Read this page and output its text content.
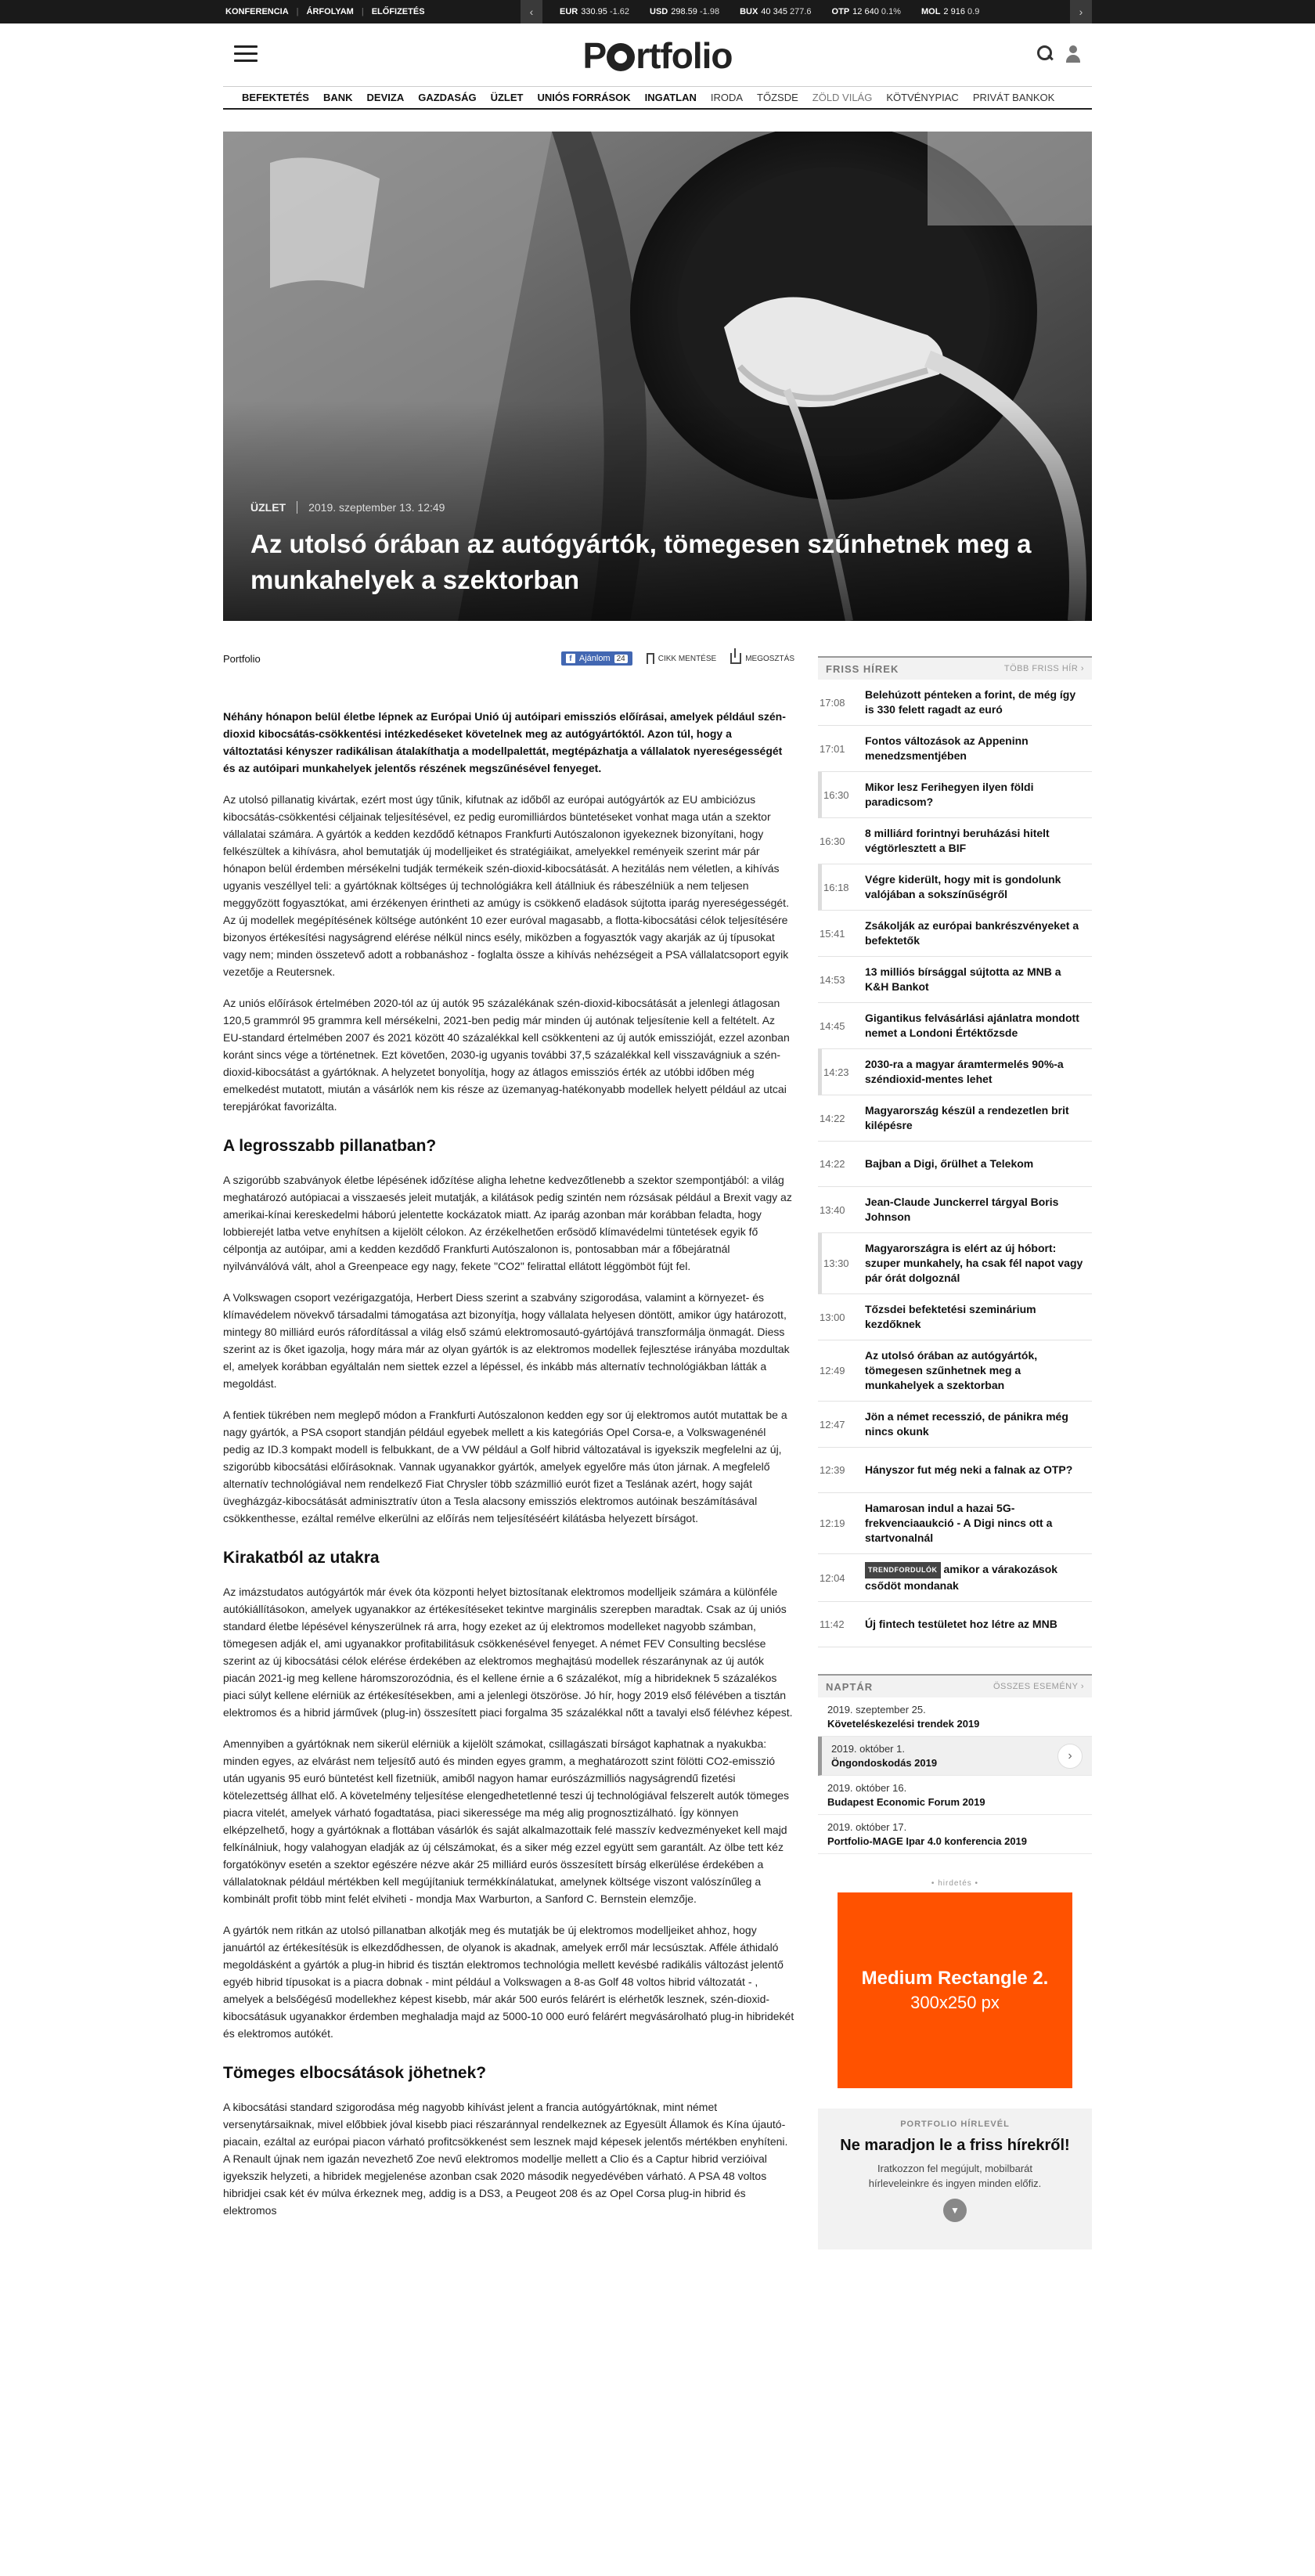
KONFERENCIA | ÁRFOLYAM | ELŐFIZETÉS	‹	EUR 330.95 -1.62 USD 298.59 -1.98 BUX 40 345 277.6 OTP 12 640 0.1% MOL 2 916 0.9	›
P rtfolio
BEFEKTETÉS BANK DEVIZA GAZDASÁG ÜZLET UNIÓS FORRÁSOK INGATLAN IRODA TŐZSDE ZÖLD VILÁG KÖTVÉNYPIAC PRIVÁT BANKOK
ÜZLET 2019. szeptember 13. 12:49
Az utolsó órában az autógyártók, tömegesen szűnhetnek meg a munkahelyek a szektorban
Portfolio	f Ajánlom 24	CIKK MENTÉSE	MEGOSZTÁS
Néhány hónapon belül életbe lépnek az Európai Unió új autóipari emissziós előírásai, amelyek például szén-dioxid kibocsátás-csökkentési intézkedéseket követelnek meg az autógyártóktól. Azon túl, hogy a változtatási kényszer radikálisan átalakíthatja a modellpalettát, megtépázhatja a vállalatok nyereségességét és az autóipari munkahelyek jelentős részének megszűnésével fenyeget.

Az utolsó pillanatig kivártak, ezért most úgy tűnik, kifutnak az időből az európai autógyártók az EU ambiciózus kibocsátás-csökkentési céljainak teljesítésével, ez pedig euromilliárdos büntetéseket vonhat maga után a szektor vállalatai számára. A gyártók a kedden kezdődő kétnapos Frankfurti Autószalonon igyekeznek bizonyítani, hogy felkészültek a kihívásra, ahol bemutatják új modelljeiket és stratégiáikat, amelyekkel reményeik szerint már pár hónapon belül érdemben mérsékelni tudják termékeik szén-dioxid-kibocsátását. A hezitálás nem véletlen, a kihívás ugyanis veszéllyel teli: a gyártóknak költséges új technológiákra kell átállniuk és rábeszélniük a nem teljesen meggyőzött fogyasztókat, ami érzékenyen érintheti az amúgy is csökkenő eladások sújtotta iparág nyereségességét. Az új modellek megépítésének költsége autónként 10 ezer euróval magasabb, a flotta-kibocsátási célok teljesítésére bizonyos értékesítési nagyságrend elérése nélkül nincs esély, miközben a fogyasztók vagy akarják az új típusokat vagy nem; minden összetevő adott a robbanáshoz - foglalta össze a kihívás nehézségeit a PSA vállalatcsoport egyik vezetője a Reutersnek.

Az uniós előírások értelmében 2020-tól az új autók 95 százalékának szén-dioxid-kibocsátását a jelenlegi átlagosan 120,5 grammról 95 grammra kell mérsékelni, 2021-ben pedig már minden új autónak teljesítenie kell a feltételt. Az EU-standard értelmében 2007 és 2021 között 40 százalékkal kell csökkenteni az új autók emisszióját, ezzel azonban koránt sincs vége a történetnek. Ezt követően, 2030-ig ugyanis további 37,5 százalékkal kell visszavágniuk a szén-dioxid-kibocsátást a gyártóknak. A helyzetet bonyolítja, hogy az átlagos emissziós érték az utóbbi időben még emelkedést mutatott, miután a vásárlók nem kis része az üzemanyag-hatékonyabb modellek helyett például az utcai terepjárókat favorizálta.

A legrosszabb pillanatban?

A szigorúbb szabványok életbe lépésének időzítése aligha lehetne kedvezőtlenebb a szektor szempontjából: a világ meghatározó autópiacai a visszaesés jeleit mutatják, a kilátások pedig szintén nem rózsásak például a Brexit vagy az amerikai-kínai kereskedelmi háború jelentette kockázatok miatt. Az iparág azonban már korábban feladta, hogy lobbierejét latba vetve enyhítsen a kijelölt célokon. Az érzékelhetően erősödő klímavédelmi tüntetések egyik fő célpontja az autóipar, ami a kedden kezdődő Frankfurti Autószalonon is, pontosabban már a főbejáratnál nyilvánválóvá vált, ahol a Greenpeace egy nagy, fekete "CO2" felirattal ellátott léggömböt fújt fel.

A Volkswagen csoport vezérigazgatója, Herbert Diess szerint a szabvány szigorodása, valamint a környezet- és klímavédelem növekvő társadalmi támogatása azt bizonyítja, hogy vállalata helyesen döntött, amikor úgy határozott, mintegy 80 milliárd eurós ráfordítással a világ első számú elektromosautó-gyártójává transzformálja önmagát. Diess szerint az is őket igazolja, hogy mára már az olyan gyártók is az elektromos modellek fejlesztése irányába mozdultak el, amelyek korábban egyáltalán nem siettek ezzel a lépéssel, és inkább más alternatív technológiákban látták a megoldást.

A fentiek tükrében nem meglepő módon a Frankfurti Autószalonon kedden egy sor új elektromos autót mutattak be a nagy gyártók, a PSA csoport standján például egyebek mellett a kis kategóriás Opel Corsa-e, a Volkswagenénél pedig az ID.3 kompakt modell is felbukkant, de a VW például a Golf hibrid változatával is igyekszik megfelelni az új, szigorúbb kibocsátási előírásoknak. Vannak ugyanakkor gyártók, amelyek egyelőre más úton járnak. A megfelelő alternatív technológiával nem rendelkező Fiat Chrysler több százmillió eurót fizet a Teslának azért, hogy saját üvegházgáz-kibocsátását adminisztratív úton a Tesla alacsony emissziós elektromos autóinak beszámításával csökkenthesse, ezáltal remélve elkerülni az előírás nem teljesítéséért kilátásba helyezett bírságot.

Kirakatból az utakra

Az imázstudatos autógyártók már évek óta központi helyet biztosítanak elektromos modelljeik számára a különféle autókiállításokon, amelyek ugyanakkor az értékesítéseket tekintve marginális szerepben maradtak. Csak az új uniós standard életbe lépésével kényszerülnek rá arra, hogy ezeket az új elektromos modelleket nagyobb számban, tömegesen adják el, ami ugyanakkor profitabilitásuk csökkenésével fenyeget. A német FEV Consulting becslése szerint az új kibocsátási célok elérése érdekében az elektromos meghajtású modellek részaránynak az új autók piacán 2021-ig meg kellene háromszorozódnia, és el kellene érnie a 6 százalékot, míg a hibrideknek 5 százalékos piaci súlyt kellene elérniük az értékesítésekben, ami a jelenlegi ötszöröse. Jó hír, hogy 2019 első félévében a tisztán elektromos és a hibrid járművek (plug-in) összesített piaci forgalma 35 százalékkal nőtt a tavalyi első félévhez képest.

Amennyiben a gyártóknak nem sikerül elérniük a kijelölt számokat, csillagászati bírságot kaphatnak a nyakukba: minden egyes, az elvárást nem teljesítő autó és minden egyes gramm, a meghatározott szint fölötti CO2-emisszió után ugyanis 95 euró büntetést kell fizetniük, amiből nagyon hamar eurószázmilliós nagyságrendű fizetési kötelezettség állhat elő. A követelmény teljesítése elengedhetetlenné teszi új technológiával felszerelt autók tömeges piacra vitelét, amelyek várható fogadtatása, piaci sikeressége ma még alig prognosztizálható. Így könnyen elképzelhető, hogy a gyártóknak a flottában vásárlók és saját alkalmazottaik felé masszív kedvezményeket kell majd felkínálniuk, hogy valahogyan eladják az új célszámokat, és a siker még ezzel együtt sem garantált. Az ölbe tett kéz forgatókönyv esetén a szektor egészére nézve akár 25 milliárd eurós összesített bírság elkerülése érdekében a vállalatoknak például mértékben kell megújítaniuk termékkínálatukat, amelynek költsége viszont valószínűleg a kombinált profit több mint felét elviheti - mondja Max Warburton, a Sanford C. Bernstein elemzője.

A gyártók nem ritkán az utolsó pillanatban alkotják meg és mutatják be új elektromos modelljeiket ahhoz, hogy januártól az értékesítésük is elkezdődhessen, de olyanok is akadnak, amelyek erről már lecsúsztak. Afféle áthidaló megoldásként a gyártók a plug-in hibrid és tisztán elektromos technológia mellett kevésbé radikális változást jelentő egyéb hibrid típusokat is a piacra dobnak - mint például a Volkswagen a 8-as Golf 48 voltos hibrid változatát - , amelyek a belsőégésű modellekhez képest kisebb, már akár 500 eurós felárért is elérhetők lesznek, szén-dioxid-kibocsátásuk ugyanakkor érdemben meghaladja majd az 5000-10 000 euró felárért megvásárolható plug-in hibridekét és elektromos autókét.

Tömeges elbocsátások jöhetnek?

A kibocsátási standard szigorodása még nagyobb kihívást jelent a francia autógyártóknak, mint német versenytársaiknak, mivel előbbiek jóval kisebb piaci részaránnyal rendelkeznek az Egyesült Államok és Kína újautó-piacain, ezáltal az európai piacon várható profitcsökkenést sem lesznek majd képesek jelentős mértékben enyhíteni. A Renault újnak nem igazán nevezhető Zoe nevű elektromos modellje mellett a Clio és a Captur hibrid verzióival igyekszik helyzeti, a hibridek megjelenése azonban csak 2020 második negyedévében várható. A PSA 48 voltos hibridjei csak két év múlva érkeznek meg, addig is a DS3, a Peugeot 208 és az Opel Corsa plug-in hibrid és elektromos

FRISS HÍREK	TÖBB FRISS HÍR ›
17:08
Belehúzott pénteken a forint, de még így is 330 felett ragadt az euró
17:01
Fontos változások az Appeninn menedzsmentjében
16:30
Mikor lesz Ferihegyen ilyen földi paradicsom?
16:30
8 milliárd forintnyi beruházási hitelt végtörlesztett a BIF
16:18
Végre kiderült, hogy mit is gondolunk valójában a sokszínűségről
15:41
Zsákolják az európai bankrészvényeket a befektetők
14:53
13 milliós bírsággal sújtotta az MNB a K&H Bankot
14:45
Gigantikus felvásárlási ajánlatra mondott nemet a Londoni Értéktőzsde
14:23
2030-ra a magyar áramtermelés 90%-a széndioxid-mentes lehet
14:22
Magyarország készül a rendezetlen brit kilépésre
14:22	Bajban a Digi, őrülhet a Telekom
13:40
Jean-Claude Junckerrel tárgyal Boris Johnson
13:30
Magyarországra is elért az új hóbort: szuper munkahely, ha csak fél napot vagy pár órát dolgoznál
13:00
Tőzsdei befektetési szeminárium kezdőknek
12:49
Az utolsó órában az autógyártók, tömegesen szűnhetnek meg a munkahelyek a szektorban
12:47
Jön a német recesszió, de pánikra még nincs okunk
12:39	Hányszor fut még neki a falnak az OTP?
12:19
Hamarosan indul a hazai 5G-frekvenciaaukció - A Digi nincs ott a startvonalnál
12:04
TRENDFORDULÓK amikor a várakozások csődöt mondanak
11:42	Új fintech testületet hoz létre az MNB
NAPTÁR	ÖSSZES ESEMÉNY ›
2019. szeptember 25.
Követeléskezelési trendek 2019
2019. október 1.
Öngondoskodás 2019
›
2019. október 16.
Budapest Economic Forum 2019
2019. október 17.
Portfolio-MAGE Ipar 4.0 konferencia 2019
• hirdetés •
Medium Rectangle 2.
300x250 px
PORTFOLIO HÍRLEVÉL
Ne maradjon le a friss hírekről!
Iratkozzon fel megújult, mobilbarát hírleveleinkre és ingyen minden előfiz.
▼
